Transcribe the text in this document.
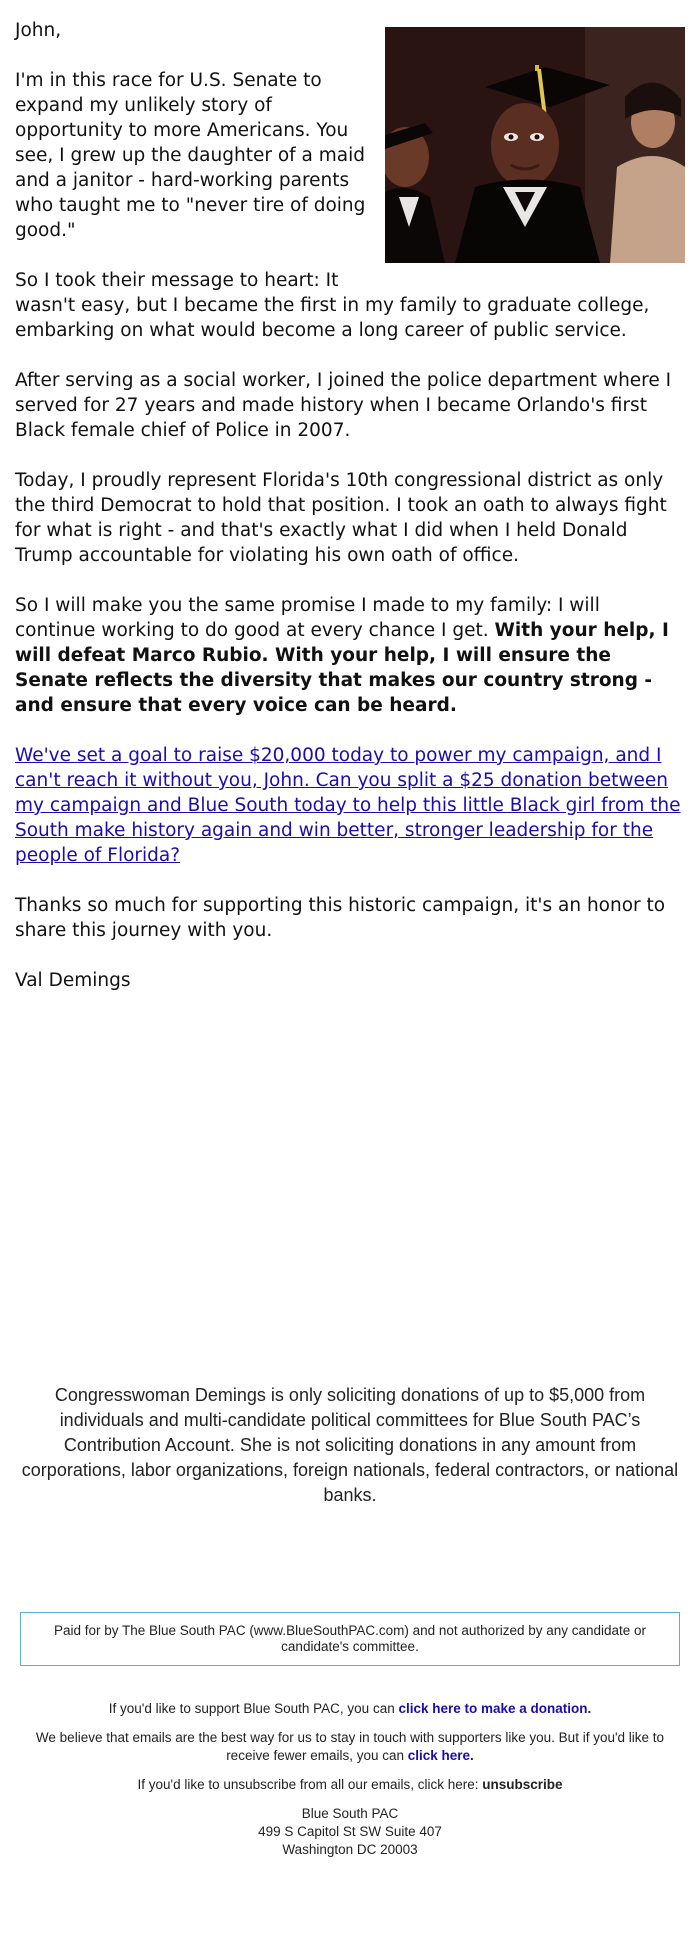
John,

I'm in this race for U.S. Senate to expand my unlikely story of opportunity to more Americans. You see, I grew up the daughter of a maid and a janitor - hard-working parents who taught me to "never tire of doing good."

So I took their message to heart: It wasn't easy, but I became the first in my family to graduate college, embarking on what would become a long career of public service.

After serving as a social worker, I joined the police department where I served for 27 years and made history when I became Orlando's first Black female chief of Police in 2007.

Today, I proudly represent Florida's 10th congressional district as only the third Democrat to hold that position. I took an oath to always fight for what is right - and that's exactly what I did when I held Donald Trump accountable for violating his own oath of office.

So I will make you the same promise I made to my family: I will continue working to do good at every chance I get. With your help, I will defeat Marco Rubio. With your help, I will ensure the Senate reflects the diversity that makes our country strong - and ensure that every voice can be heard.

We've set a goal to raise $20,000 today to power my campaign, and I can't reach it without you, John. Can you split a $25 donation between my campaign and Blue South today to help this little Black girl from the South make history again and win better, stronger leadership for the people of Florida?

Thanks so much for supporting this historic campaign, it's an honor to share this journey with you.

Val Demings

Congresswoman Demings is only soliciting donations of up to $5,000 from individuals and multi-candidate political committees for Blue South PAC’s Contribution Account. She is not soliciting donations in any amount from corporations, labor organizations, foreign nationals, federal contractors, or national banks.
Paid for by The Blue South PAC (www.BlueSouthPAC.com) and not authorized by any candidate or candidate's committee.

If you'd like to support Blue South PAC, you can click here to make a donation.

We believe that emails are the best way for us to stay in touch with supporters like you. But if you'd like to receive fewer emails, you can click here.

If you'd like to unsubscribe from all our emails, click here: unsubscribe

Blue South PAC
499 S Capitol St SW Suite 407
Washington DC 20003
